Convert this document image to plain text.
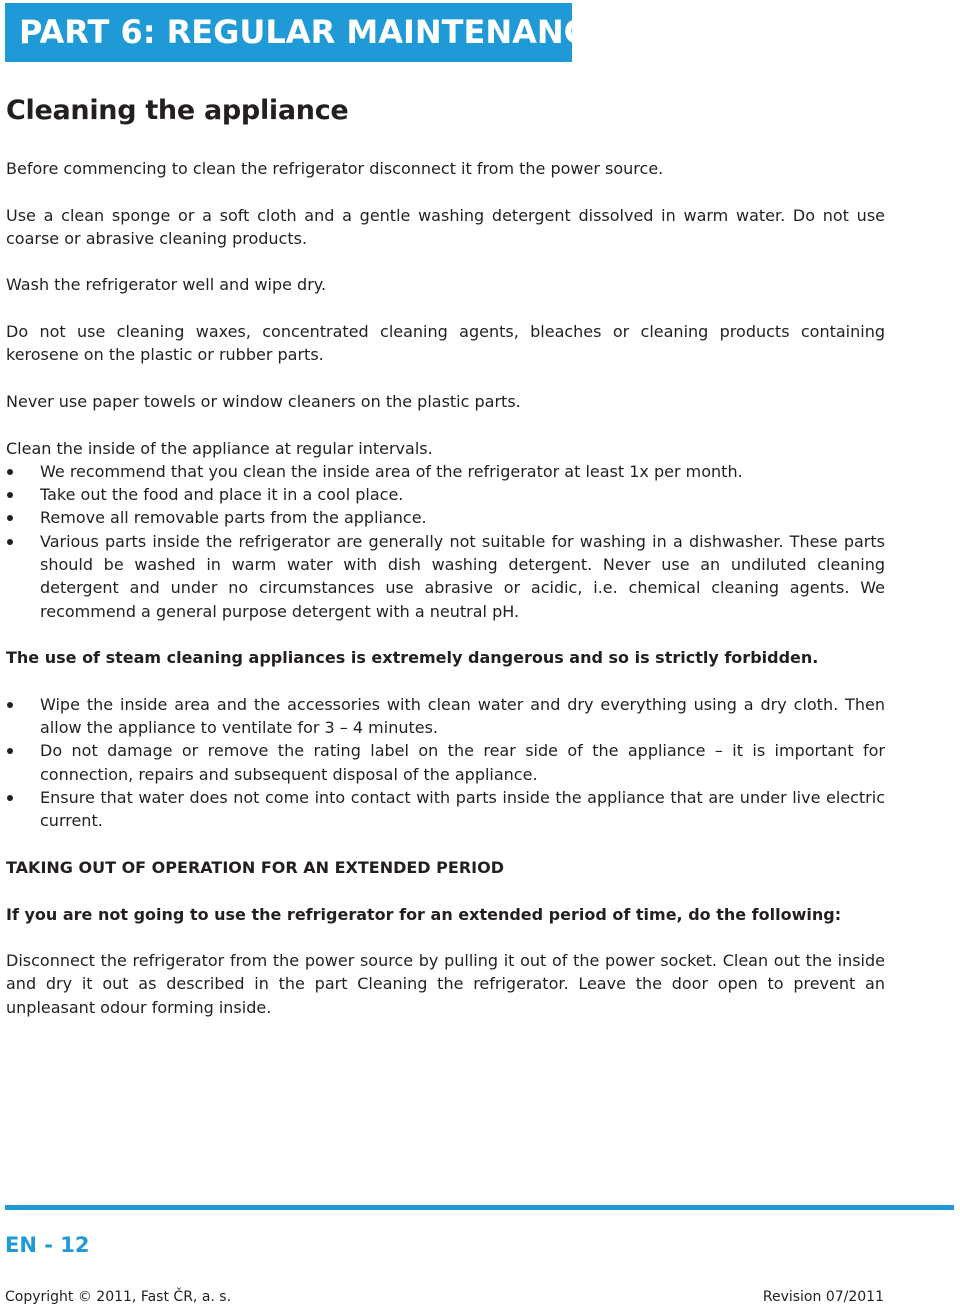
PART 6: REGULAR MAINTENANCE
Cleaning the appliance

Before commencing to clean the refrigerator disconnect it from the power source.

Use a clean sponge or a soft cloth and a gentle washing detergent dissolved in warm water. Do not use coarse or abrasive cleaning products.

Wash the refrigerator well and wipe dry.

Do not use cleaning waxes, concentrated cleaning agents, bleaches or cleaning products containing kerosene on the plastic or rubber parts.

Never use paper towels or window cleaners on the plastic parts.

Clean the inside of the appliance at regular intervals.

We recommend that you clean the inside area of the refrigerator at least 1x per month.
Take out the food and place it in a cool place.
Remove all removable parts from the appliance.
Various parts inside the refrigerator are generally not suitable for washing in a dishwasher. These parts should be washed in warm water with dish washing detergent. Never use an undiluted cleaning detergent and under no circumstances use abrasive or acidic, i.e. chemical cleaning agents. We recommend a general purpose detergent with a neutral pH.

The use of steam cleaning appliances is extremely dangerous and so is strictly forbidden.

Wipe the inside area and the accessories with clean water and dry everything using a dry cloth. Then allow the appliance to ventilate for 3 – 4 minutes.
Do not damage or remove the rating label on the rear side of the appliance – it is important for connection, repairs and subsequent disposal of the appliance.
Ensure that water does not come into contact with parts inside the appliance that are under live electric current.

TAKING OUT OF OPERATION FOR AN EXTENDED PERIOD

If you are not going to use the refrigerator for an extended period of time, do the following:

Disconnect the refrigerator from the power source by pulling it out of the power socket. Clean out the inside and dry it out as described in the part Cleaning the refrigerator. Leave the door open to prevent an unpleasant odour forming inside.

EN - 12
Copyright © 2011, Fast ČR, a. s.	Revision 07/2011
